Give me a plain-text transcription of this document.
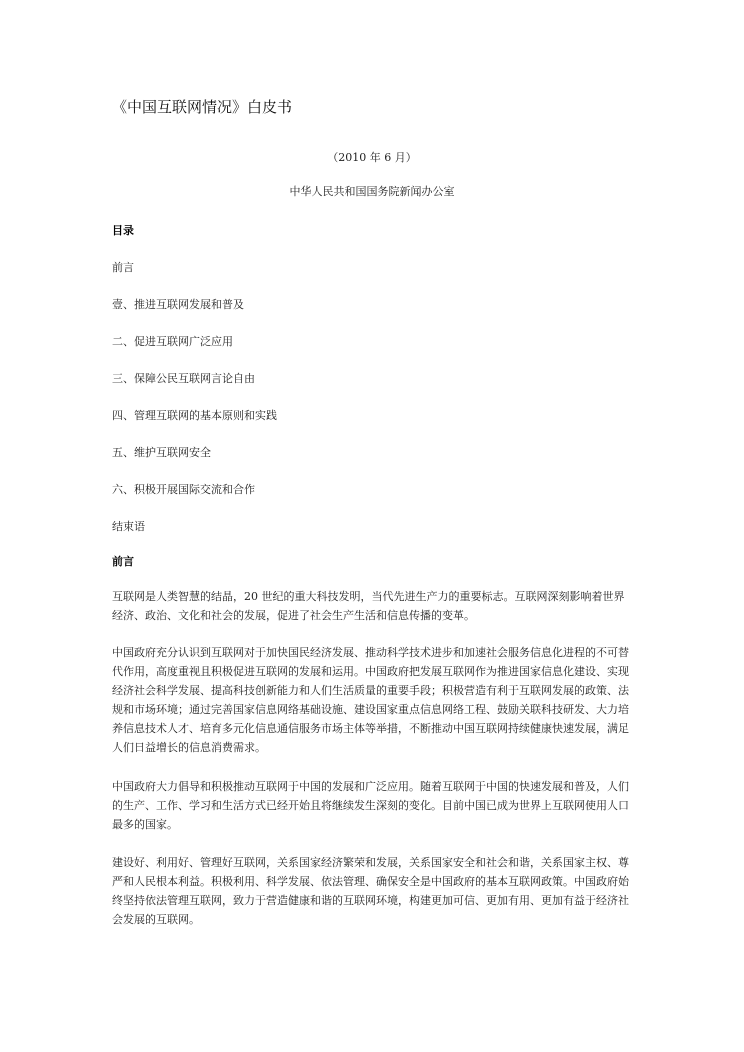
《中国互联网情况》白皮书
（2010 年 6 月）
中华人民共和国国务院新闻办公室
目录
前言
壹、推进互联网发展和普及
二、促进互联网广泛应用
三、保障公民互联网言论自由
四、管理互联网的基本原则和实践
五、维护互联网安全
六、积极开展国际交流和合作
结束语
前言
互联网是人类智慧的结晶，20 世纪的重大科技发明，当代先进生产力的重要标志。互联网深刻影响着世界
经济、政治、文化和社会的发展，促进了社会生产生活和信息传播的变革。
中国政府充分认识到互联网对于加快国民经济发展、推动科学技术进步和加速社会服务信息化进程的不可替
代作用，高度重视且积极促进互联网的发展和运用。中国政府把发展互联网作为推进国家信息化建设、实现
经济社会科学发展、提高科技创新能力和人们生活质量的重要手段；积极营造有利于互联网发展的政策、法
规和市场环境；通过完善国家信息网络基础设施、建设国家重点信息网络工程、鼓励关联科技研发、大力培
养信息技术人才、培育多元化信息通信服务市场主体等举措，不断推动中国互联网持续健康快速发展，满足
人们日益增长的信息消费需求。
中国政府大力倡导和积极推动互联网于中国的发展和广泛应用。随着互联网于中国的快速发展和普及，人们
的生产、工作、学习和生活方式已经开始且将继续发生深刻的变化。目前中国已成为世界上互联网使用人口
最多的国家。
建设好、利用好、管理好互联网，关系国家经济繁荣和发展，关系国家安全和社会和谐，关系国家主权、尊
严和人民根本利益。积极利用、科学发展、依法管理、确保安全是中国政府的基本互联网政策。中国政府始
终坚持依法管理互联网，致力于营造健康和谐的互联网环境，构建更加可信、更加有用、更加有益于经济社
会发展的互联网。
